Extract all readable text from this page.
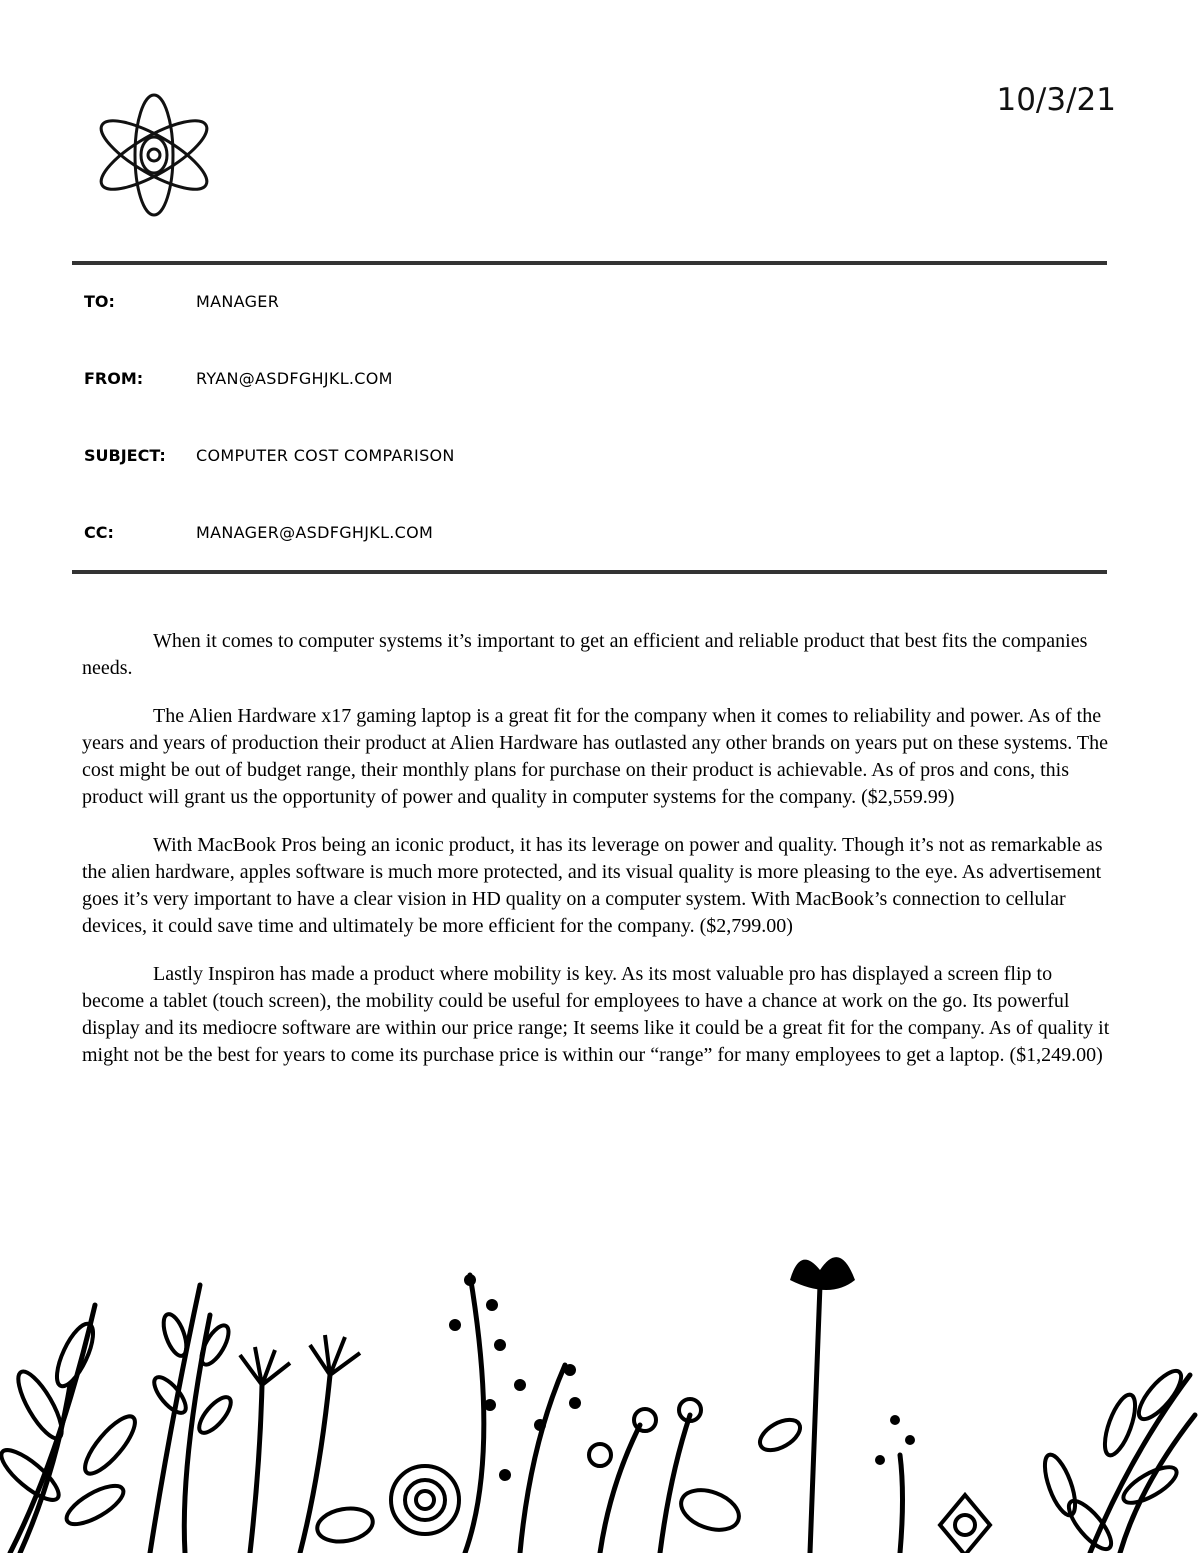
10/3/21
TO:	MANAGER
FROM:	RYAN@ASDFGHJKL.COM
SUBJECT: COMPUTER COST COMPARISON
CC:	MANAGER@ASDFGHJKL.COM

When it comes to computer systems it’s important to get an efficient and reliable product that best fits the companies needs.

The Alien Hardware x17 gaming laptop is a great fit for the company when it comes to reliability and power. As of the years and years of production their product at Alien Hardware has outlasted any other brands on years put on these systems. The cost might be out of budget range, their monthly plans for purchase on their product is achievable. As of pros and cons, this product will grant us the opportunity of power and quality in computer systems for the company. ($2,559.99)

With MacBook Pros being an iconic product, it has its leverage on power and quality. Though it’s not as remarkable as the alien hardware, apples software is much more protected, and its visual quality is more pleasing to the eye. As advertisement goes it’s very important to have a clear vision in HD quality on a computer system. With MacBook’s connection to cellular devices, it could save time and ultimately be more efficient for the company. ($2,799.00)

Lastly Inspiron has made a product where mobility is key. As its most valuable pro has displayed a screen flip to become a tablet (touch screen), the mobility could be useful for employees to have a chance at work on the go. Its powerful display and its mediocre software are within our price range; It seems like it could be a great fit for the company. As of quality it might not be the best for years to come its purchase price is within our “range” for many employees to get a laptop. ($1,249.00)
